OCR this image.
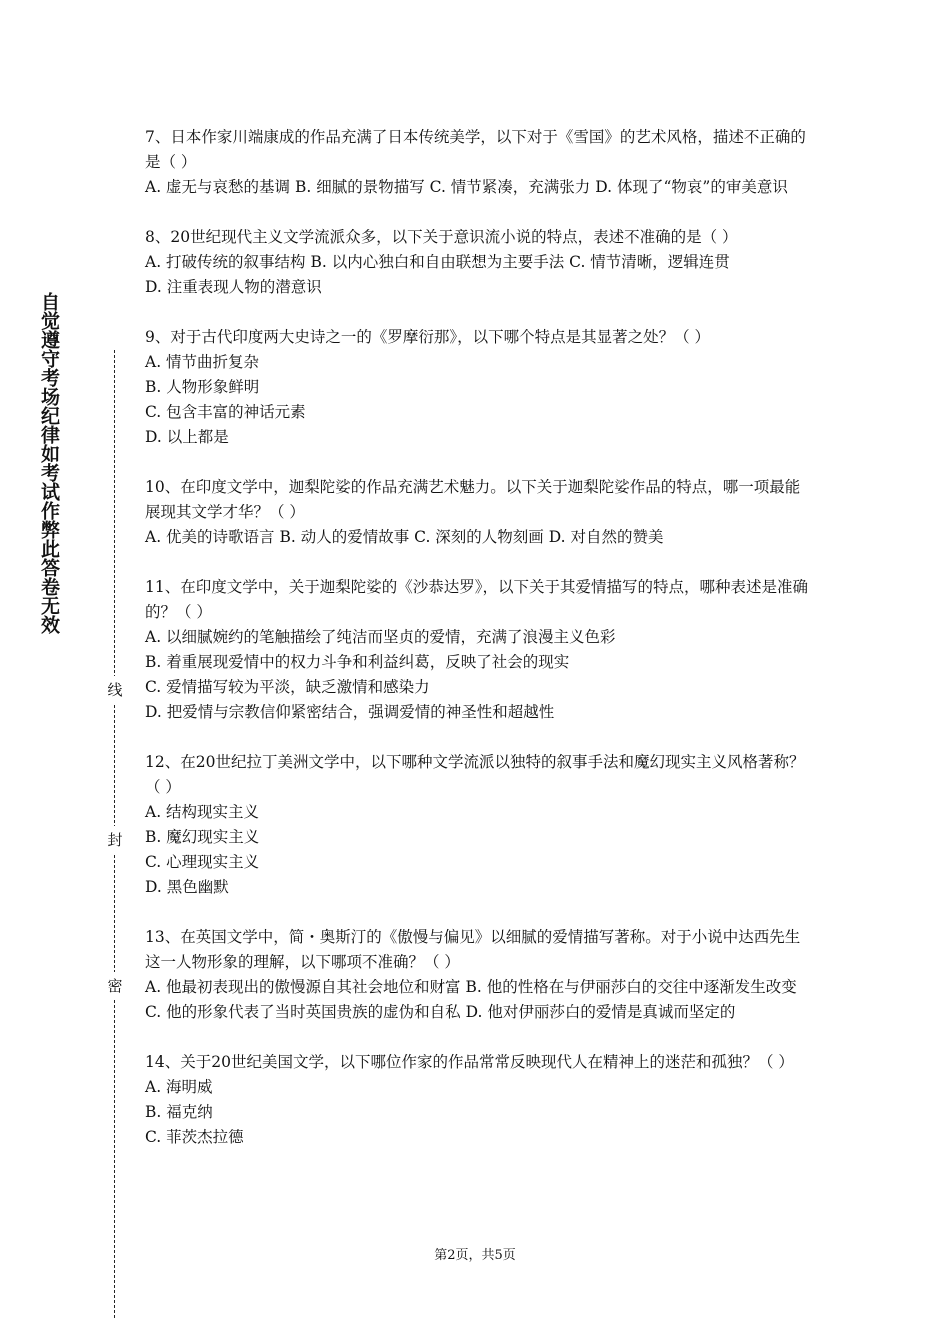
自觉遵守考场纪律如考试作弊此答卷无效
线
封
密
7、日本作家川端康成的作品充满了日本传统美学，以下对于《雪国》的艺术风格，描述不正确的是（ ）
A. 虚无与哀愁的基调 B. 细腻的景物描写 C. 情节紧凑，充满张力 D. 体现了“物哀”的审美意识
8、20世纪现代主义文学流派众多，以下关于意识流小说的特点，表述不准确的是（ ）
A. 打破传统的叙事结构 B. 以内心独白和自由联想为主要手法 C. 情节清晰，逻辑连贯
D. 注重表现人物的潜意识
9、对于古代印度两大史诗之一的《罗摩衍那》，以下哪个特点是其显著之处？（ ）
A. 情节曲折复杂
B. 人物形象鲜明
C. 包含丰富的神话元素
D. 以上都是
10、在印度文学中，迦梨陀娑的作品充满艺术魅力。以下关于迦梨陀娑作品的特点，哪一项最能展现其文学才华？（ ）
A. 优美的诗歌语言 B. 动人的爱情故事 C. 深刻的人物刻画 D. 对自然的赞美
11、在印度文学中，关于迦梨陀娑的《沙恭达罗》，以下关于其爱情描写的特点，哪种表述是准确的？（ ）
A. 以细腻婉约的笔触描绘了纯洁而坚贞的爱情，充满了浪漫主义色彩
B. 着重展现爱情中的权力斗争和利益纠葛，反映了社会的现实
C. 爱情描写较为平淡，缺乏激情和感染力
D. 把爱情与宗教信仰紧密结合，强调爱情的神圣性和超越性
12、在20世纪拉丁美洲文学中，以下哪种文学流派以独特的叙事手法和魔幻现实主义风格著称？（ ）
A. 结构现实主义
B. 魔幻现实主义
C. 心理现实主义
D. 黑色幽默
13、在英国文学中，简・奥斯汀的《傲慢与偏见》以细腻的爱情描写著称。对于小说中达西先生这一人物形象的理解，以下哪项不准确？（ ）
A. 他最初表现出的傲慢源自其社会地位和财富 B. 他的性格在与伊丽莎白的交往中逐渐发生改变 C. 他的形象代表了当时英国贵族的虚伪和自私 D. 他对伊丽莎白的爱情是真诚而坚定的
14、关于20世纪美国文学，以下哪位作家的作品常常反映现代人在精神上的迷茫和孤独？（ ）
A. 海明威
B. 福克纳
C. 菲茨杰拉德
第2页，共5页
